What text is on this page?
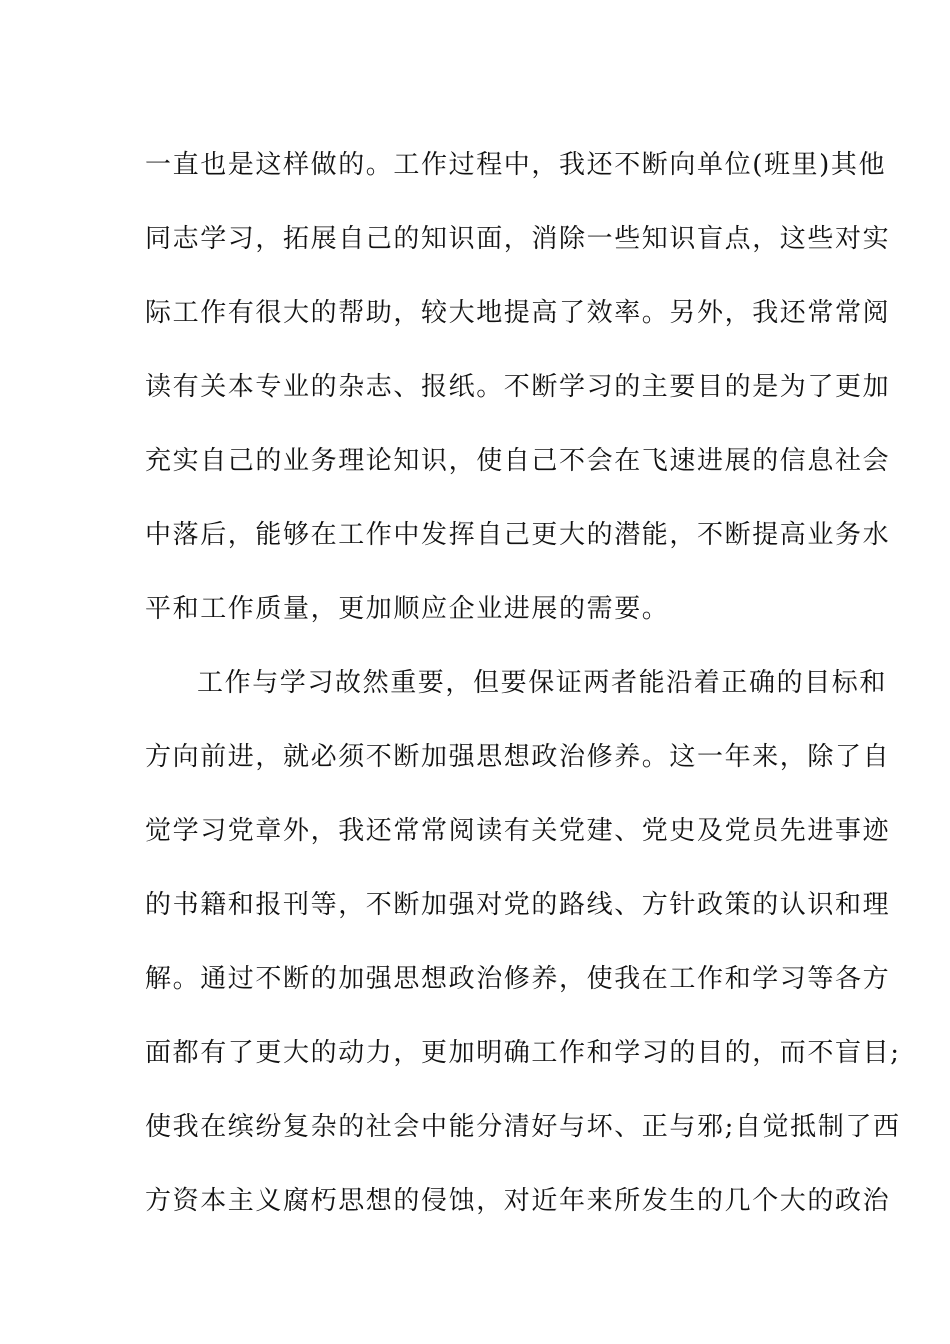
一直也是这样做的。工作过程中，我还不断向单位(班里)其他
同志学习，拓展自己的知识面，消除一些知识盲点，这些对实
际工作有很大的帮助，较大地提高了效率。另外，我还常常阅
读有关本专业的杂志、报纸。不断学习的主要目的是为了更加
充实自己的业务理论知识，使自己不会在飞速进展的信息社会
中落后，能够在工作中发挥自己更大的潜能，不断提高业务水
平和工作质量，更加顺应企业进展的需要。
工作与学习故然重要，但要保证两者能沿着正确的目标和
方向前进，就必须不断加强思想政治修养。这一年来，除了自
觉学习党章外，我还常常阅读有关党建、党史及党员先进事迹
的书籍和报刊等，不断加强对党的路线、方针政策的认识和理
解。通过不断的加强思想政治修养，使我在工作和学习等各方
面都有了更大的动力，更加明确工作和学习的目的，而不盲目;
使我在缤纷复杂的社会中能分清好与坏、正与邪;自觉抵制了西
方资本主义腐朽思想的侵蚀，对近年来所发生的几个大的政治
